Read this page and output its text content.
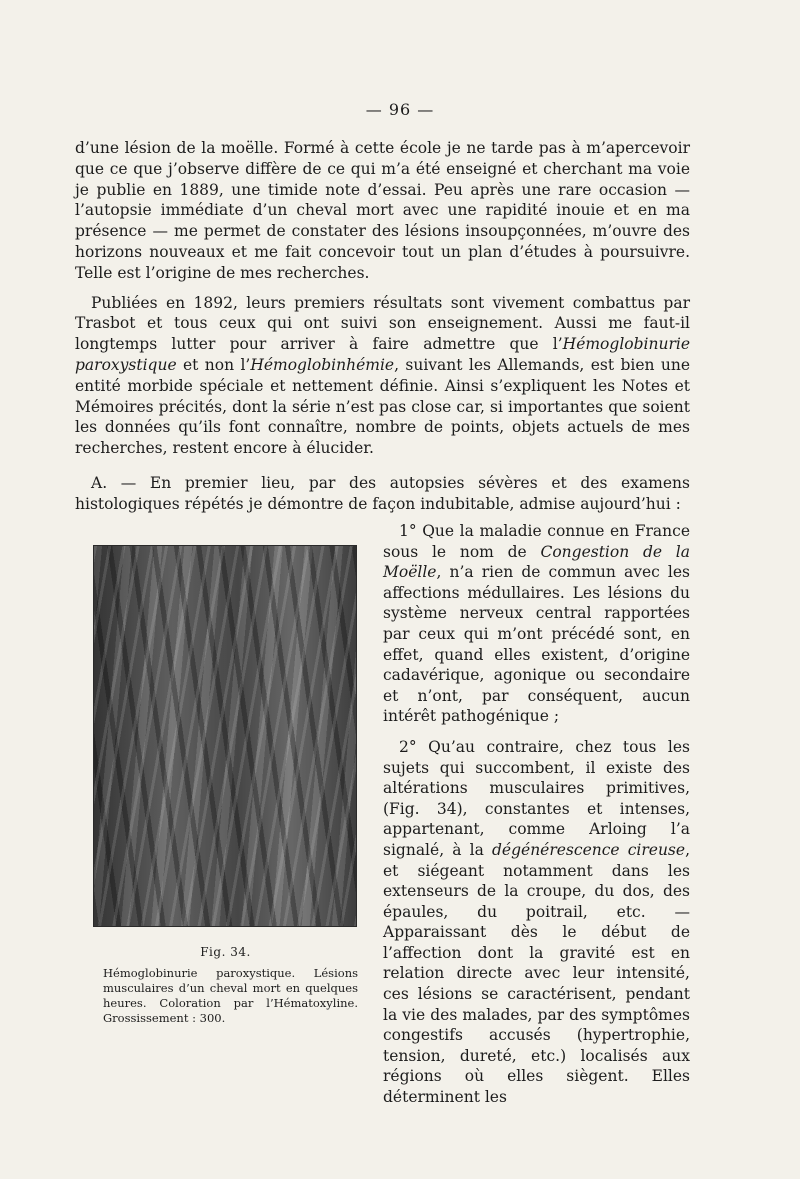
— 96 —

d’une lésion de la moëlle. Formé à cette école je ne tarde pas à m’apercevoir que ce que j’observe diffère de ce qui m’a été enseigné et cherchant ma voie je publie en 1889, une timide note d’essai. Peu après une rare occasion — l’autopsie immédiate d’un cheval mort avec une rapidité inouie et en ma présence — me permet de constater des lésions insoupçonnées, m’ouvre des horizons nouveaux et me fait concevoir tout un plan d’études à poursuivre. Telle est l’origine de mes recherches.

Publiées en 1892, leurs premiers résultats sont vivement combattus par Trasbot et tous ceux qui ont suivi son enseignement. Aussi me faut-il longtemps lutter pour arriver à faire admettre que l’Hémoglobinurie paroxystique et non l’Hémoglobinhémie, suivant les Allemands, est bien une entité morbide spéciale et nettement définie. Ainsi s’expliquent les Notes et Mémoires précités, dont la série n’est pas close car, si importantes que soient les données qu’ils font connaître, nombre de points, objets actuels de mes recherches, restent encore à élucider.

A. — En premier lieu, par des autopsies sévères et des examens histologiques répétés je démontre de façon indubitable, admise aujourd’hui :

Fig. 34.
Hémoglobinurie paroxystique. Lésions musculaires d’un cheval mort en quelques heures. Coloration par l’Hématoxyline. Grossissement : 300.

1° Que la maladie connue en France sous le nom de Congestion de la Moëlle, n’a rien de commun avec les affections médullaires. Les lésions du système nerveux central rapportées par ceux qui m’ont précédé sont, en effet, quand elles existent, d’origine cadavérique, agonique ou secondaire et n’ont, par conséquent, aucun intérêt pathogénique ;

2° Qu’au contraire, chez tous les sujets qui succombent, il existe des altérations musculaires primitives, (Fig. 34), constantes et intenses, appartenant, comme Arloing l’a signalé, à la dégénérescence cireuse, et siégeant notamment dans les extenseurs de la croupe, du dos, des épaules, du poitrail, etc. — Apparaissant dès le début de l’affection dont la gravité est en relation directe avec leur intensité, ces lésions se caractérisent, pendant la vie des malades, par des symptômes congestifs accusés (hypertrophie, tension, dureté, etc.) localisés aux régions où elles siègent. Elles déterminent les
